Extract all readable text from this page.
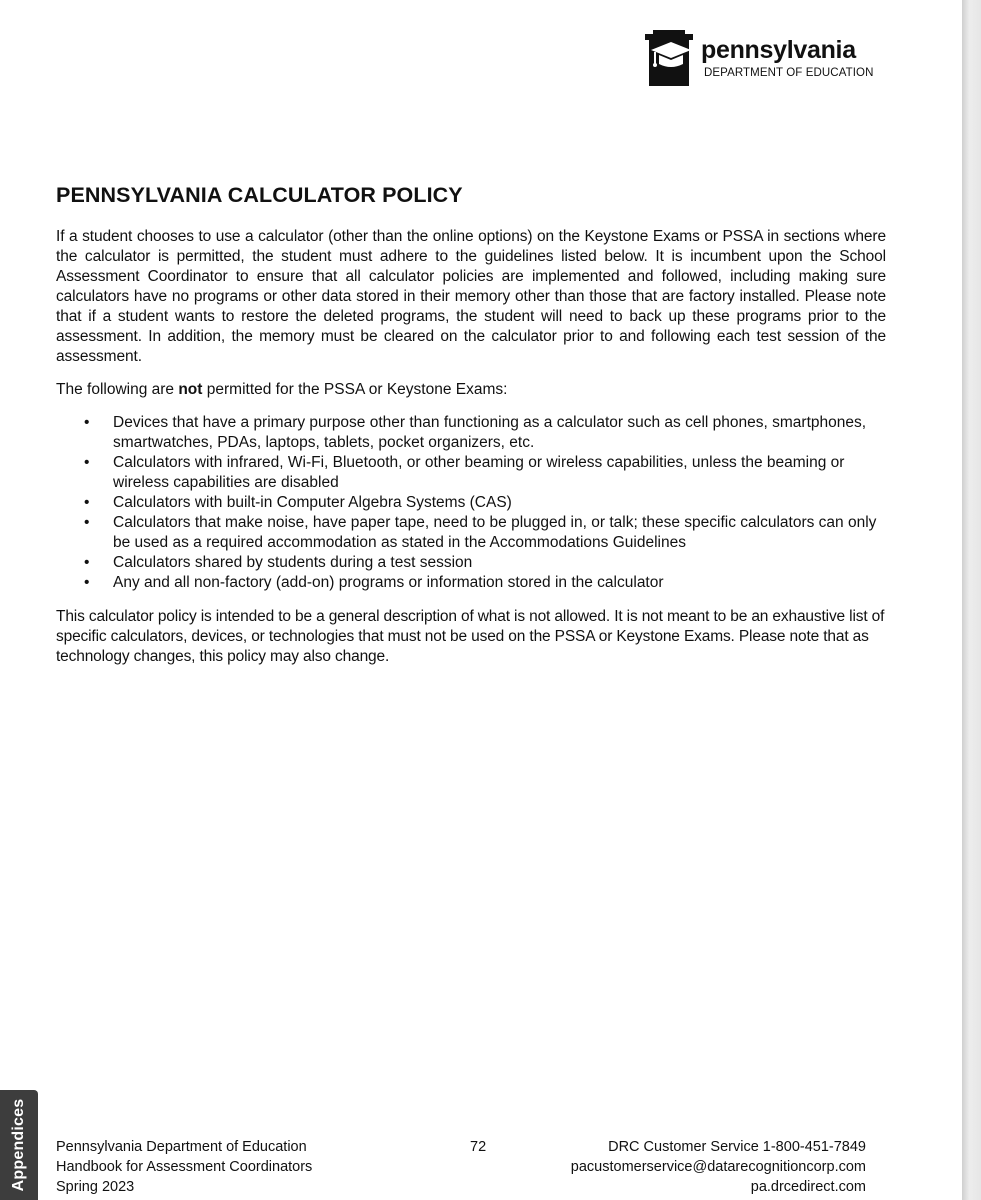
pennsylvania
DEPARTMENT OF EDUCATION
PENNSYLVANIA CALCULATOR POLICY

If a student chooses to use a calculator (other than the online options) on the Keystone Exams or PSSA in sections where the calculator is permitted, the student must adhere to the guidelines listed below. It is incumbent upon the School Assessment Coordinator to ensure that all calculator policies are implemented and followed, including making sure calculators have no programs or other data stored in their memory other than those that are factory installed. Please note that if a student wants to restore the deleted programs, the student will need to back up these programs prior to the assessment. In addition, the memory must be cleared on the calculator prior to and following each test session of the assessment.

The following are not permitted for the PSSA or Keystone Exams:

• Devices that have a primary purpose other than functioning as a calculator such as cell phones, smartphones, smartwatches, PDAs, laptops, tablets, pocket organizers, etc.
• Calculators with infrared, Wi-Fi, Bluetooth, or other beaming or wireless capabilities, unless the beaming or wireless capabilities are disabled
• Calculators with built-in Computer Algebra Systems (CAS)
• Calculators that make noise, have paper tape, need to be plugged in, or talk; these specific calculators can only be used as a required accommodation as stated in the Accommodations Guidelines
• Calculators shared by students during a test session
• Any and all non-factory (add-on) programs or information stored in the calculator

This calculator policy is intended to be a general description of what is not allowed. It is not meant to be an exhaustive list of specific calculators, devices, or technologies that must not be used on the PSSA or Keystone Exams. Please note that as technology changes, this policy may also change.

Pennsylvania Department of Education
Handbook for Assessment Coordinators
Spring 2023
72	DRC Customer Service 1-800-451-7849
pacustomerservice@datarecognitioncorp.com
pa.drcedirect.com
Appendices
